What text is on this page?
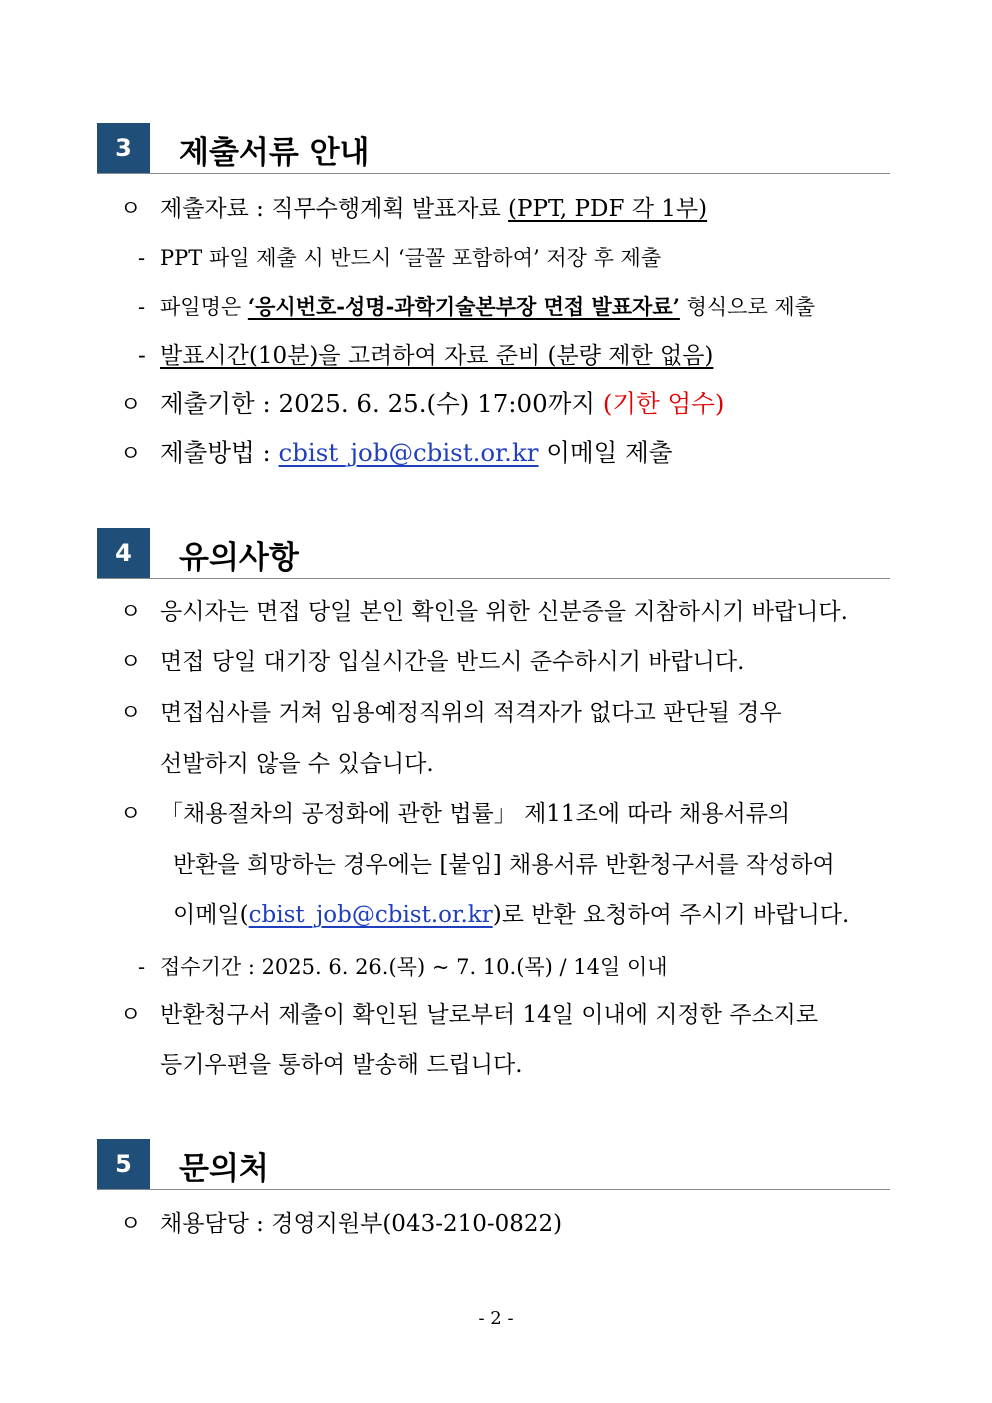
3	제출서류 안내
ㅇ 제출자료 : 직무수행계획 발표자료 (PPT, PDF 각 1부)
- PPT 파일 제출 시 반드시 ‘글꼴 포함하여’ 저장 후 제출
- 파일명은 ‘응시번호-성명-과학기술본부장 면접 발표자료’ 형식으로 제출
- 발표시간(10분)을 고려하여 자료 준비 (분량 제한 없음)
ㅇ 제출기한 : 2025. 6. 25.(수) 17:00까지 (기한 엄수)
ㅇ 제출방법 : cbist_job@cbist.or.kr 이메일 제출
4	유의사항
ㅇ 응시자는 면접 당일 본인 확인을 위한 신분증을 지참하시기 바랍니다.
ㅇ 면접 당일 대기장 입실시간을 반드시 준수하시기 바랍니다.
ㅇ 면접심사를 거쳐 임용예정직위의 적격자가 없다고 판단될 경우
선발하지 않을 수 있습니다.
ㅇ 「채용절차의 공정화에 관한 법률」 제11조에 따라 채용서류의
반환을 희망하는 경우에는 [붙임] 채용서류 반환청구서를 작성하여
이메일(cbist_job@cbist.or.kr)로 반환 요청하여 주시기 바랍니다.
- 접수기간 : 2025. 6. 26.(목) ~ 7. 10.(목) / 14일 이내
ㅇ 반환청구서 제출이 확인된 날로부터 14일 이내에 지정한 주소지로
등기우편을 통하여 발송해 드립니다.
5	문의처
ㅇ 채용담당 : 경영지원부(043-210-0822)
- 2 -
